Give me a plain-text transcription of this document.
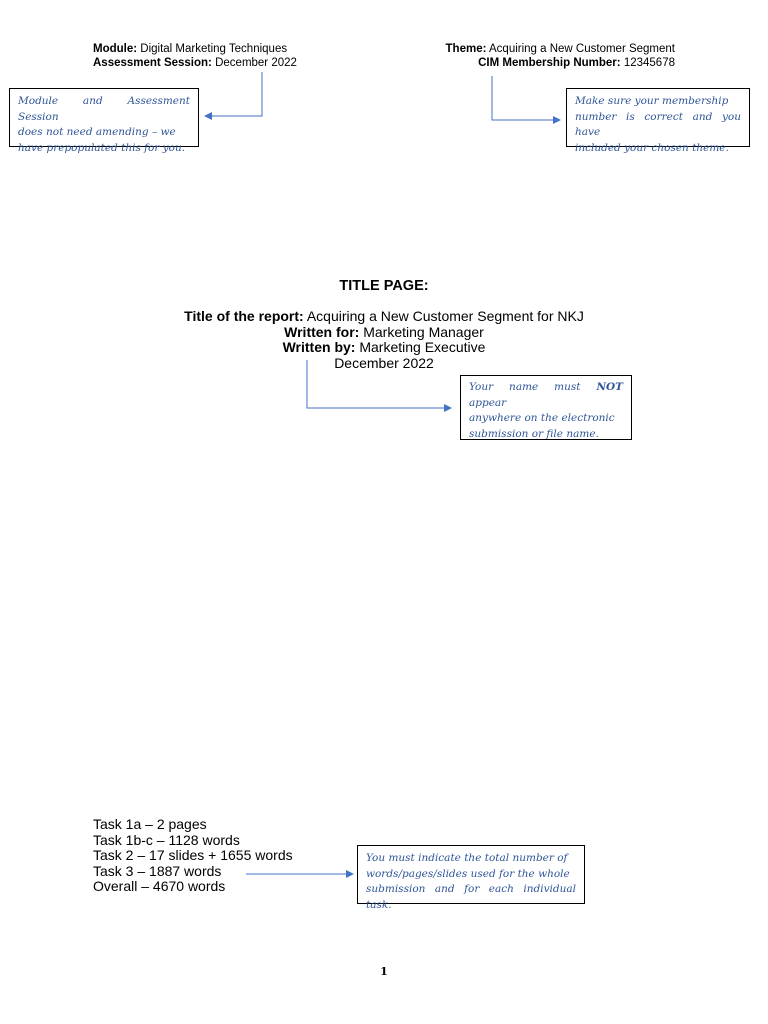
Module: Digital Marketing Techniques
Assessment Session: December 2022
Theme: Acquiring a New Customer Segment
CIM Membership Number: 12345678
Module and Assessment Session
does not need amending – we
have prepopulated this for you.
Make sure your membership
number is correct and you have
included your chosen theme.
TITLE PAGE:
Title of the report: Acquiring a New Customer Segment for NKJ
Written for: Marketing Manager
Written by: Marketing Executive
December 2022
Your name must NOT appear
anywhere on the electronic
submission or file name.
Task 1a – 2 pages
Task 1b-c – 1128 words
Task 2 – 17 slides + 1655 words
Task 3 – 1887 words
Overall – 4670 words
You must indicate the total number of
words/pages/slides used for the whole
submission and for each individual task.
1
